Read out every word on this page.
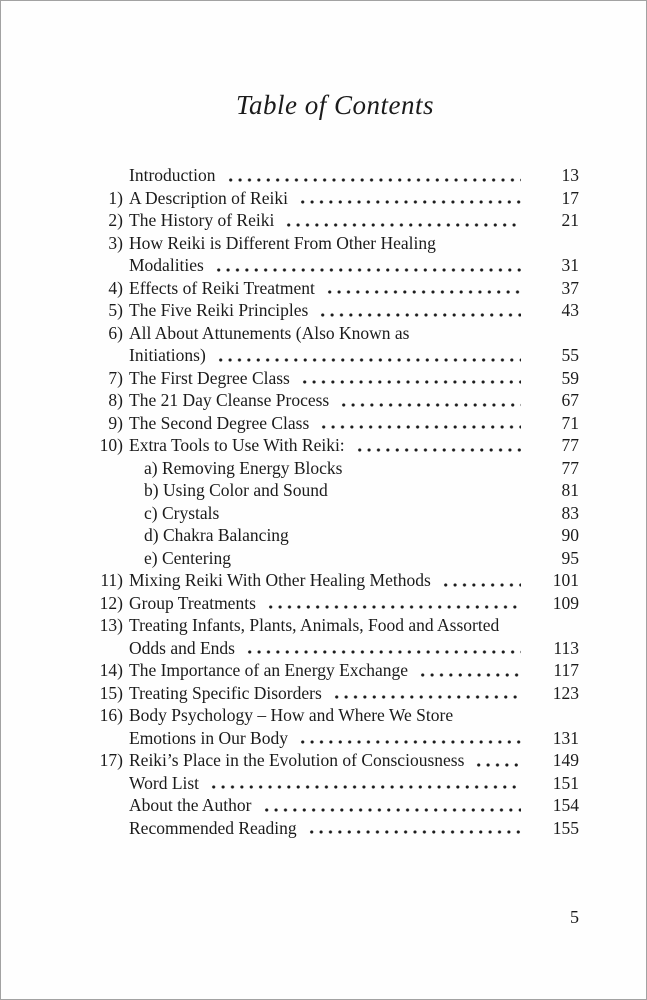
Table of Contents
Introduction	13
1) A Description of Reiki	17
2) The History of Reiki	21
3) How Reiki is Different From Other Healing
Modalities	31
4) Effects of Reiki Treatment	37
5) The Five Reiki Principles	43
6) All About Attunements (Also Known as
Initiations)	55
7) The First Degree Class	59
8) The 21 Day Cleanse Process	67
9) The Second Degree Class	71
10) Extra Tools to Use With Reiki:	77
a) Removing Energy Blocks	77
b) Using Color and Sound	81
c) Crystals	83
d) Chakra Balancing	90
e) Centering	95
11) Mixing Reiki With Other Healing Methods	101
12) Group Treatments	109
13) Treating Infants, Plants, Animals, Food and Assorted
Odds and Ends	113
14) The Importance of an Energy Exchange	117
15) Treating Specific Disorders	123
16) Body Psychology – How and Where We Store
Emotions in Our Body	131
17) Reiki’s Place in the Evolution of Consciousness	149
Word List	151
About the Author	154
Recommended Reading	155
5
